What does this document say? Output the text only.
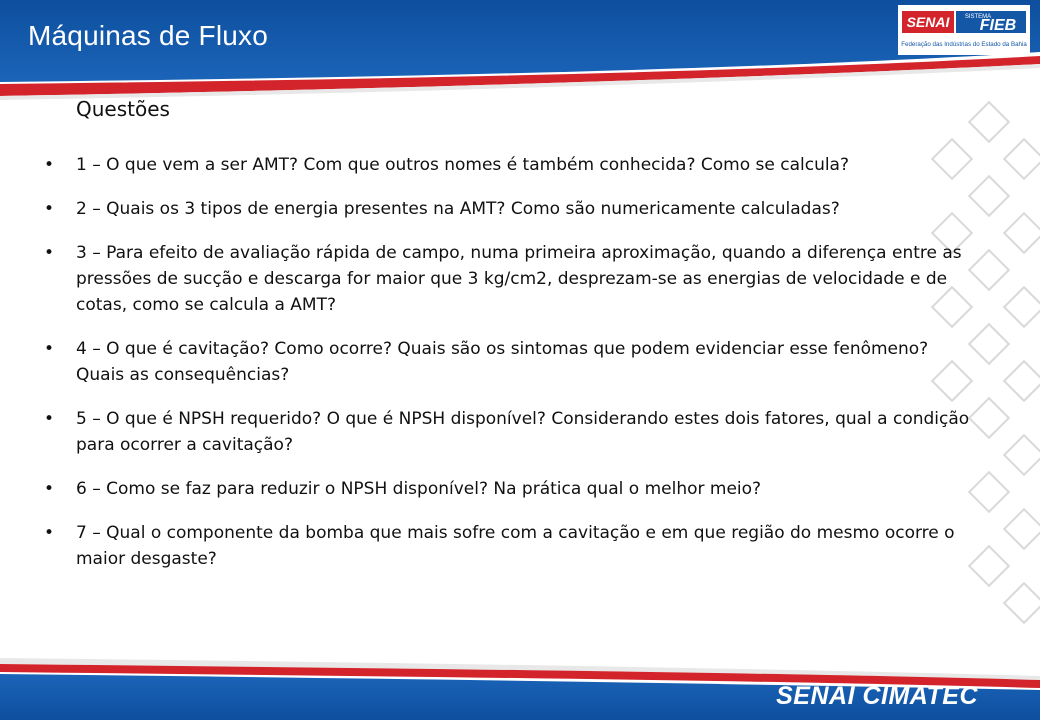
Máquinas de Fluxo	SENAI	SISTEMA
FIEB
Federação das Indústrias do Estado da Bahia
Questões
• 1 – O que vem a ser AMT? Com que outros nomes é também conhecida? Como se calcula?
• 2 – Quais os 3 tipos de energia presentes na AMT? Como são numericamente calculadas?
• 3 – Para efeito de avaliação rápida de campo, numa primeira aproximação, quando a diferença entre as pressões de sucção e descarga for maior que 3 kg/cm2, desprezam-se as energias de velocidade e de cotas, como se calcula a AMT?
• 4 – O que é cavitação? Como ocorre? Quais são os sintomas que podem evidenciar esse fenômeno? Quais as consequências?
• 5 – O que é NPSH requerido? O que é NPSH disponível? Considerando estes dois fatores, qual a condição para ocorrer a cavitação?
• 6 – Como se faz para reduzir o NPSH disponível? Na prática qual o melhor meio?
• 7 – Qual o componente da bomba que mais sofre com a cavitação e em que região do mesmo ocorre o maior desgaste?
SENAI CIMATEC
